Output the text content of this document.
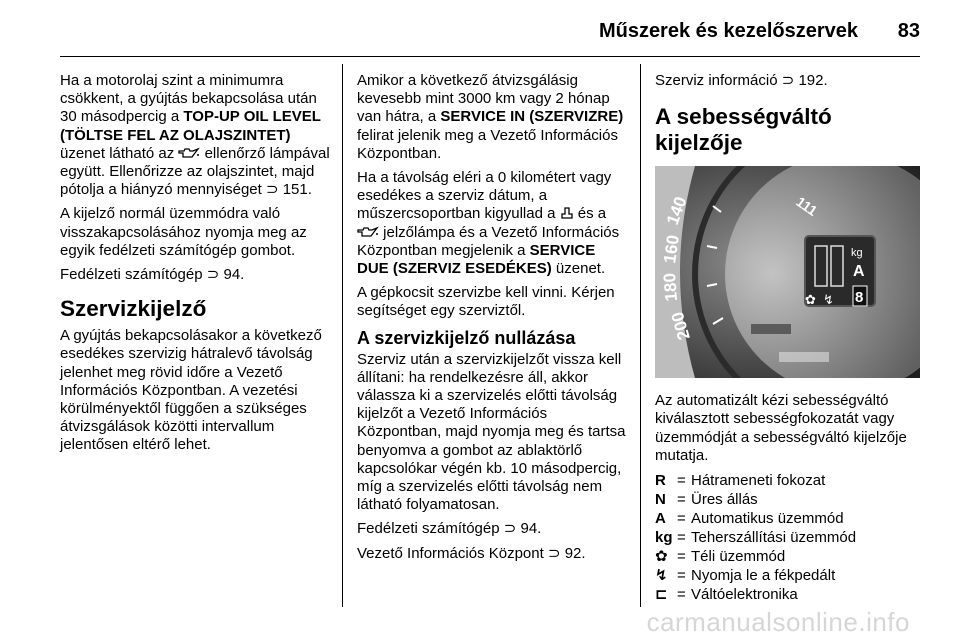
Műszerek és kezelőszervek 83

Ha a motorolaj szint a minimumra csökkent, a gyújtás bekapcsolása után 30 másodpercig a TOP-UP OIL LEVEL (TÖLTSE FEL AZ OLAJSZINTET) üzenet látható az  ellenőrző lámpával együtt. Ellenőrizze az olajszintet, majd pótolja a hiányzó mennyiséget ⊃ 151.

A kijelző normál üzemmódra való visszakapcsolásához nyomja meg az egyik fedélzeti számítógép gombot.

Fedélzeti számítógép ⊃ 94.

Szervizkijelző

A gyújtás bekapcsolásakor a következő esedékes szervizig hátralevő távolság jelenhet meg rövid időre a Vezető Információs Központban. A vezetési körülményektől függően a szükséges átvizsgálások közötti intervallum jelentősen eltérő lehet.

Amikor a következő átvizsgálásig kevesebb mint 3000 km vagy 2 hónap van hátra, a SERVICE IN (SZERVIZRE) felirat jelenik meg a Vezető Információs Központban.

Ha a távolság eléri a 0 kilométert vagy esedékes a szerviz dátum, a műszercsoportban kigyullad a  és a  jelzőlámpa és a Vezető Információs Központban megjelenik a SERVICE DUE (SZERVIZ ESEDÉKES) üzenet.

A gépkocsit szervizbe kell vinni. Kérjen segítséget egy szerviztől.

A szervizkijelző nullázása

Szerviz után a szervizkijelzőt vissza kell állítani: ha rendelkezésre áll, akkor válassza ki a szervizelés előtti távolság kijelzőt a Vezető Információs Központban, majd nyomja meg és tartsa benyomva a gombot az ablaktörlő kapcsolókar végén kb. 10 másodpercig, míg a szervizelés előtti távolság nem látható folyamatosan.

Fedélzeti számítógép ⊃ 94.

Vezető Információs Központ ⊃ 92.

Szerviz információ ⊃ 192.

A sebességváltó kijelzője
140
160
180
200
111
kg
A
✿ ↯ 8

Az automatizált kézi sebességváltó kiválasztott sebességfokozatát vagy üzemmódját a sebességváltó kijelzője mutatja.

R = Hátrameneti fokozat
N = Üres állás
A = Automatikus üzemmód
kg = Teherszállítási üzemmód
✿ = Téli üzemmód
↯ = Nyomja le a fékpedált
⊏ = Váltóelektronika
carmanualsonline.info
